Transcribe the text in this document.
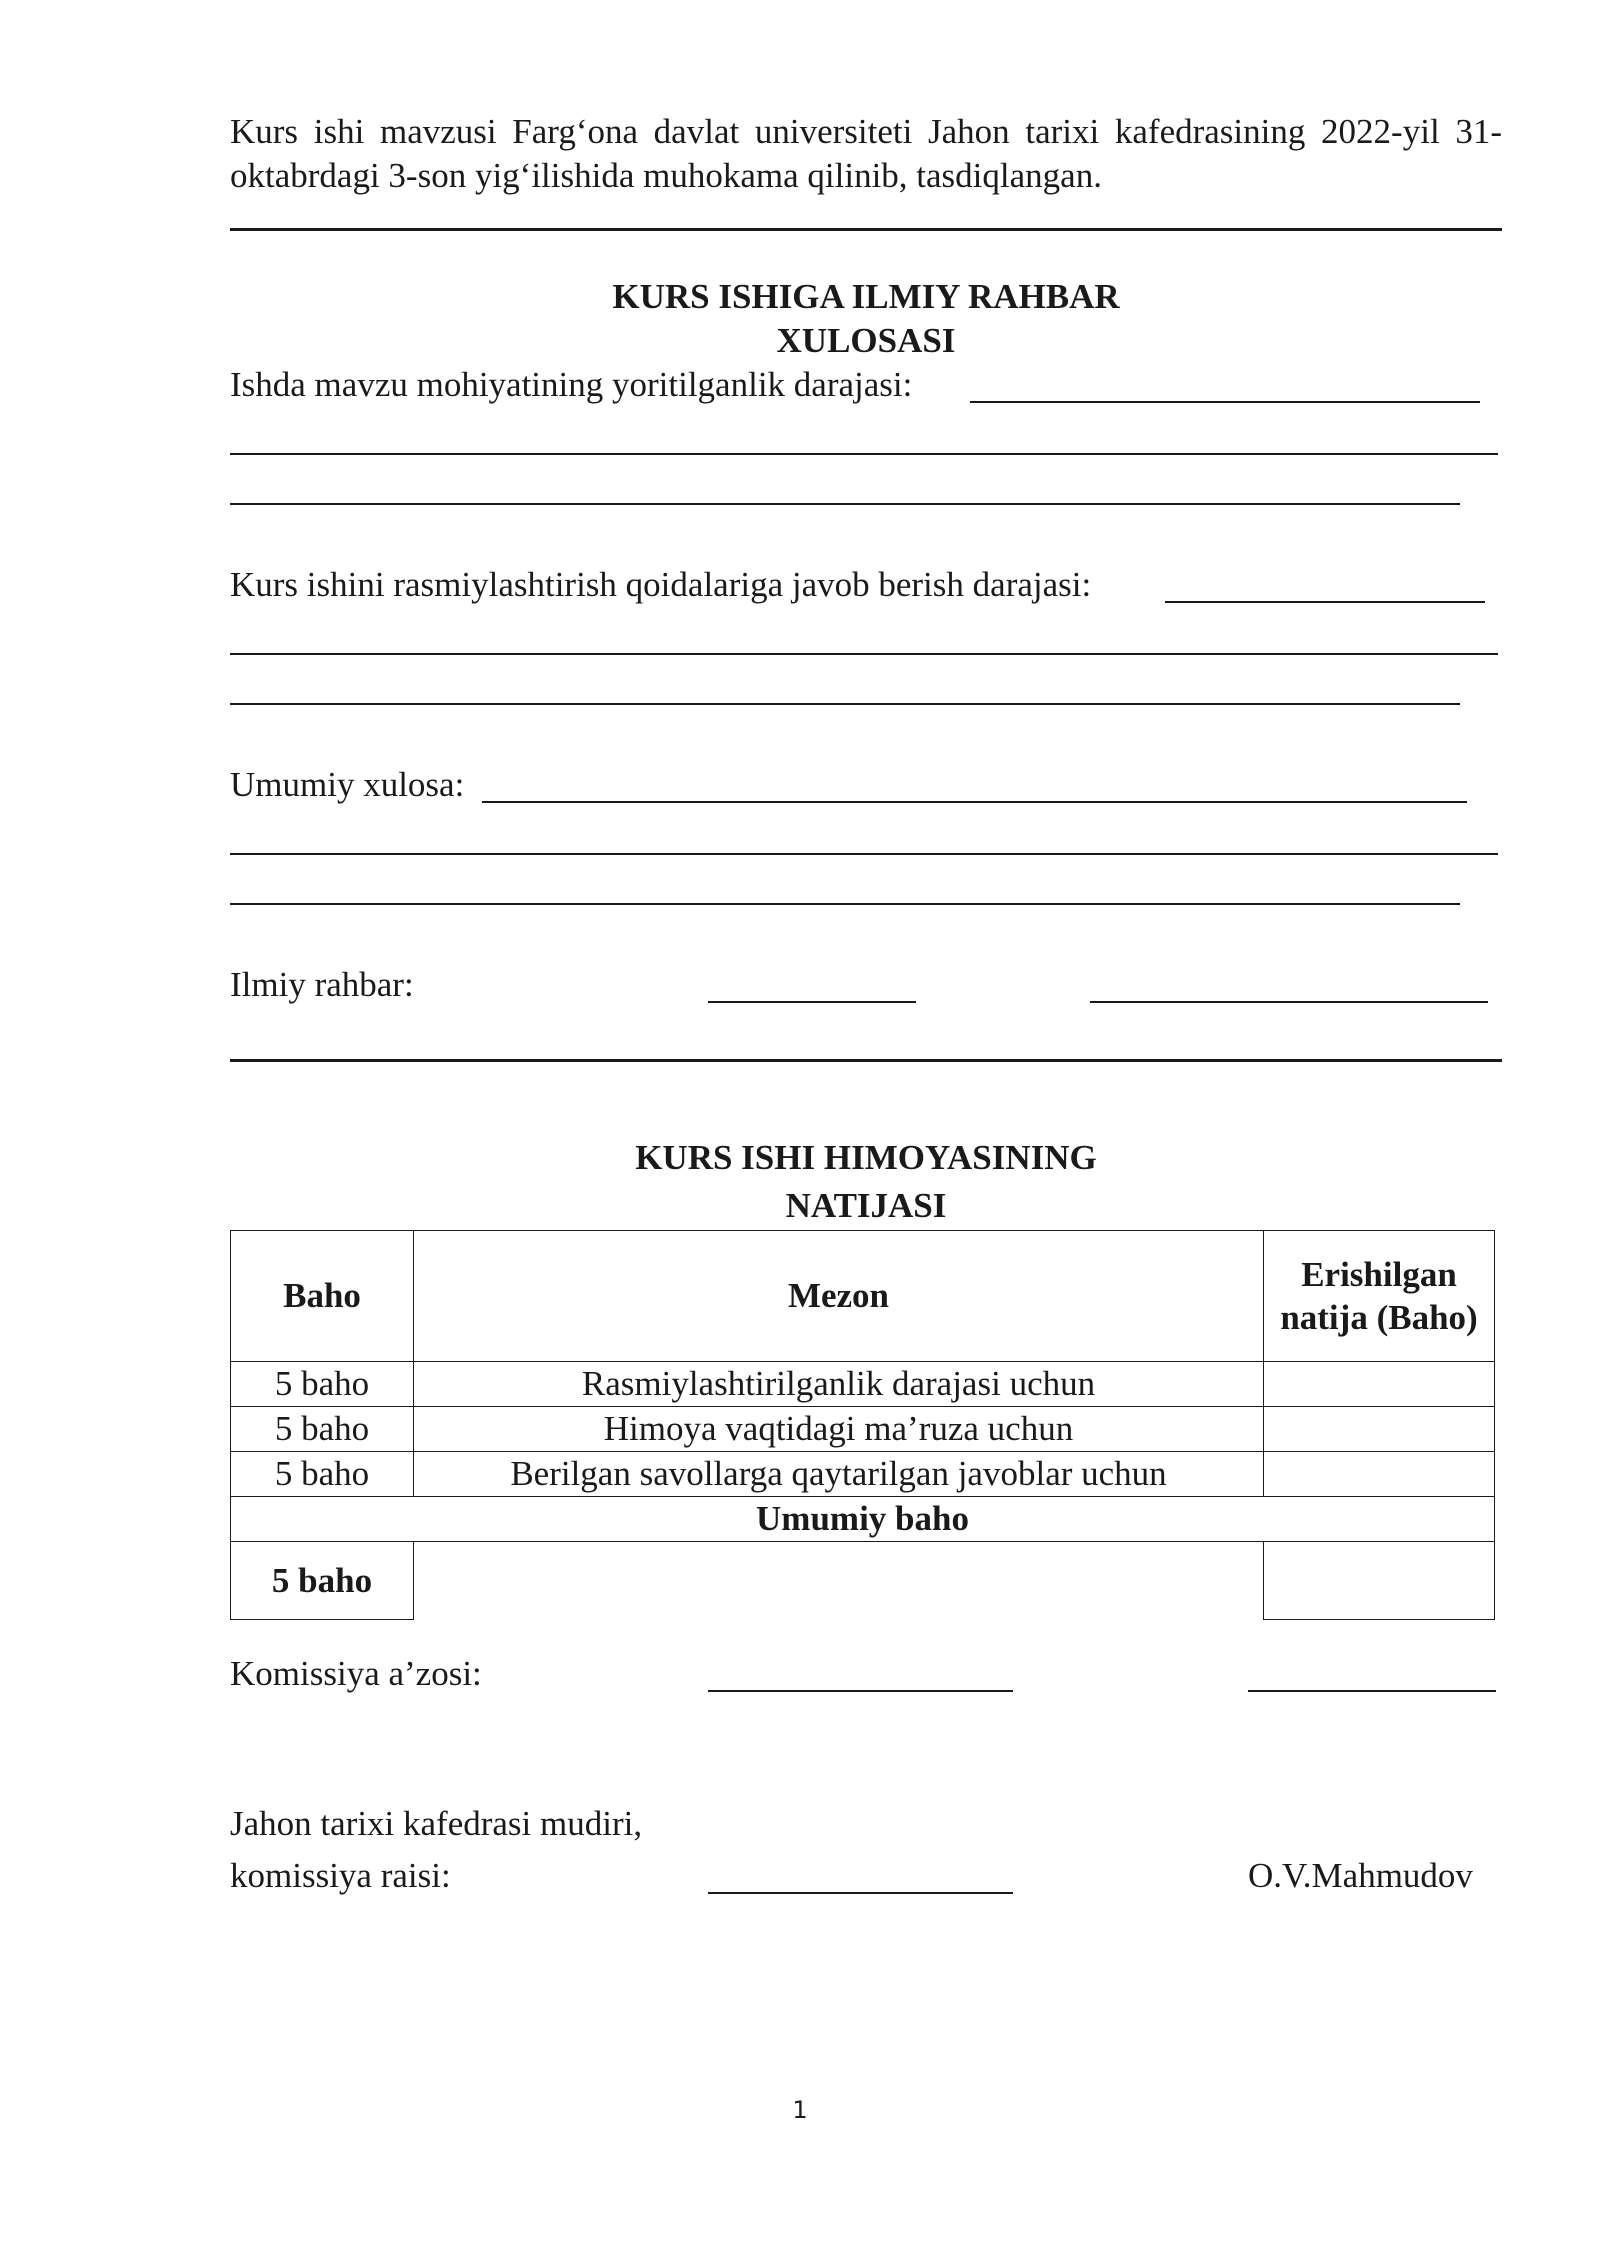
Kurs ishi mavzusi Farg‘ona davlat universiteti Jahon tarixi kafedrasining 2022-yil 31-oktabrdagi 3-son yig‘ilishida muhokama qilinib, tasdiqlangan.

KURS ISHIGA ILMIY RAHBAR

XULOSASI

Ishda mavzu mohiyatining yoritilganlik darajasi:
Kurs ishini rasmiylashtirish qoidalariga javob berish darajasi:
Umumiy xulosa:
Ilmiy rahbar:

KURS ISHI HIMOYASINING

NATIJASI

Baho	Mezon	Erishilgan natija (Baho)
5 baho	Rasmiylashtirilganlik darajasi uchun	
5 baho	Himoya vaqtidagi ma’ruza uchun	
5 baho	Berilgan savollarga qaytarilgan javoblar uchun	
Umumiy baho		
5 baho		
Komissiya a’zosi:
Jahon tarixi kafedrasi mudiri,
komissiya raisi:	O.V.Mahmudov
1
